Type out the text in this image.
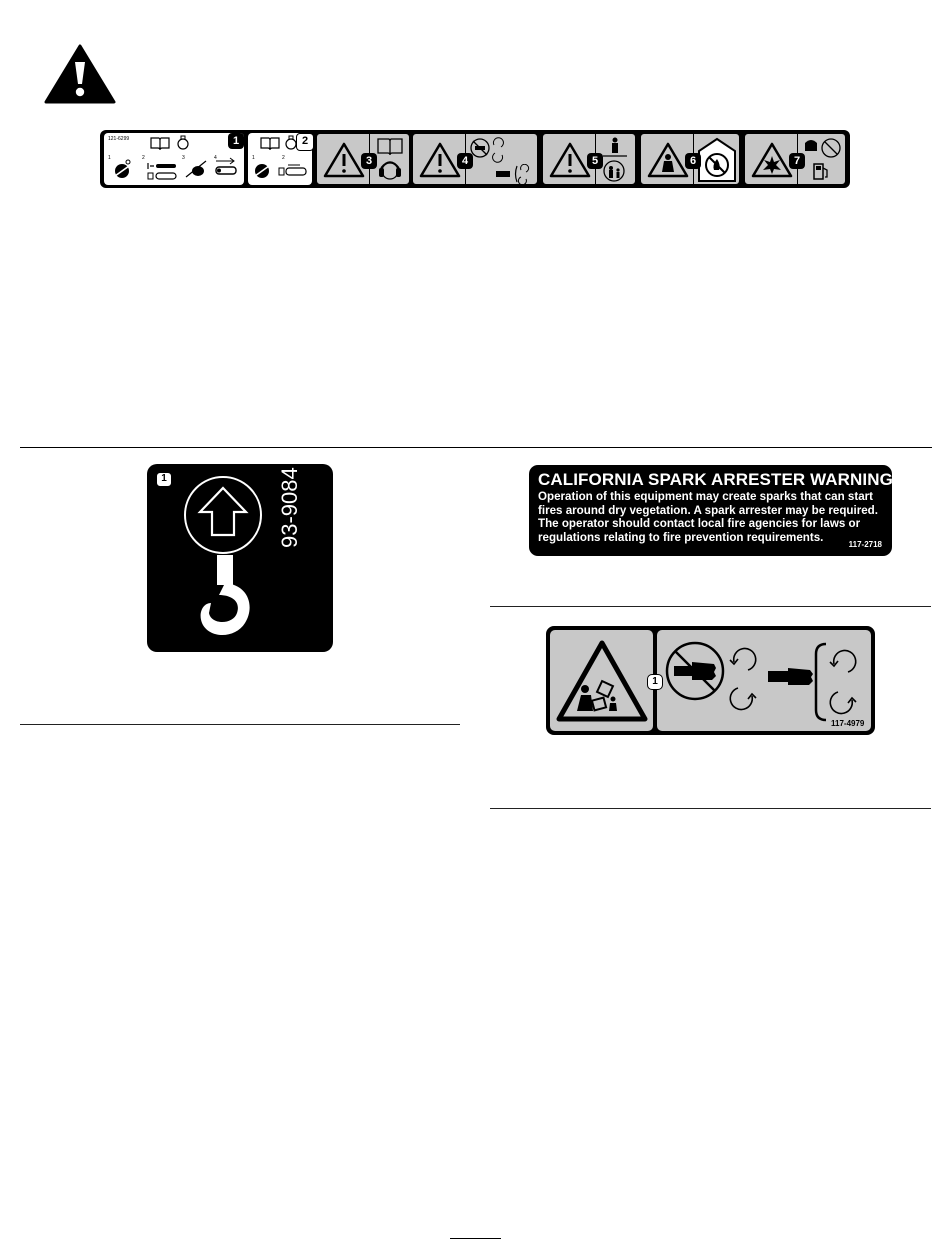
121-6299
1	2	3	4
1
1	2
2
3	4	5	6	7
1	93-9084	CALIFORNIA SPARK ARRESTER WARNING
Operation of this equipment may create sparks that can start
fires around dry vegetation. A spark arrester may be required.
The operator should contact local fire agencies for laws or
regulations relating to fire prevention requirements.
117-2718
1
117-4979
